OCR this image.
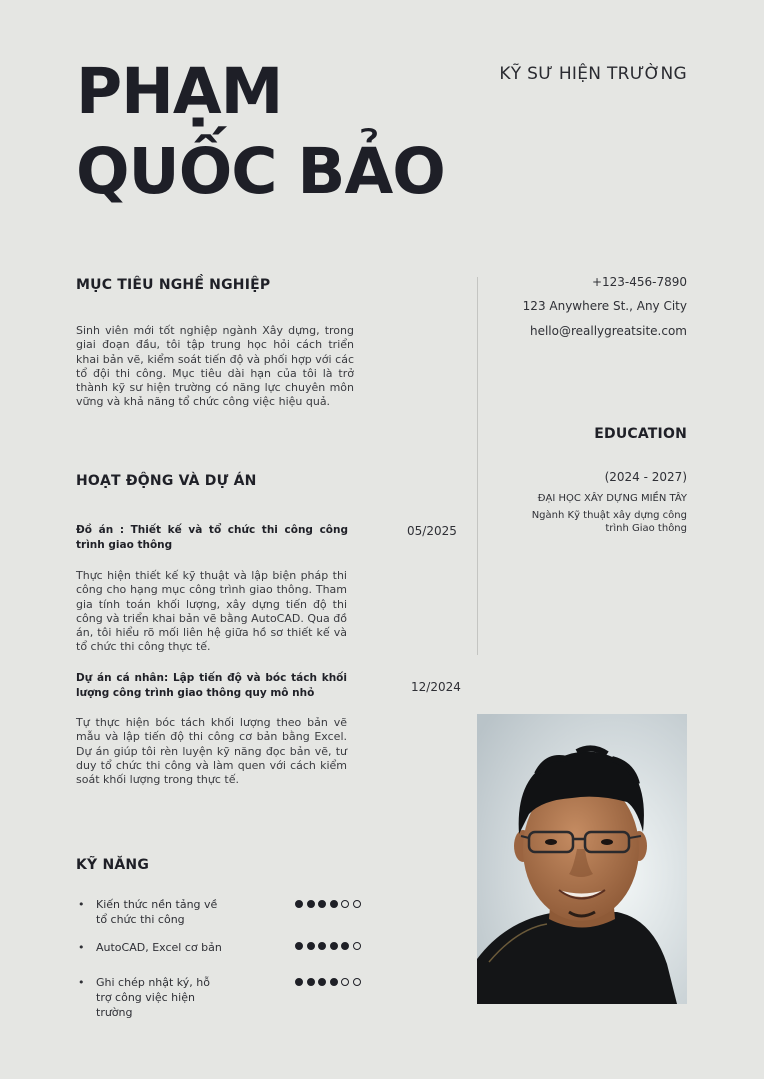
PHẠM
QUỐC BẢO
KỸ SƯ HIỆN TRƯỜNG
MỤC TIÊU NGHỀ NGHIỆP
Sinh viên mới tốt nghiệp ngành Xây dựng, trong giai đoạn đầu, tôi tập trung học hỏi cách triển khai bản vẽ, kiểm soát tiến độ và phối hợp với các tổ đội thi công. Mục tiêu dài hạn của tôi là trở thành kỹ sư hiện trường có năng lực chuyên môn vững và khả năng tổ chức công việc hiệu quả.
+123-456-7890
123 Anywhere St., Any City
hello@reallygreatsite.com
EDUCATION
(2024 - 2027)
ĐẠI HỌC XÂY DỰNG MIỀN TÂY
Ngành Kỹ thuật xây dựng công
trình Giao thông
HOẠT ĐỘNG VÀ DỰ ÁN
Đồ án : Thiết kế và tổ chức thi công công trình giao thông
05/2025
Thực hiện thiết kế kỹ thuật và lập biện pháp thi công cho hạng mục công trình giao thông. Tham gia tính toán khối lượng, xây dựng tiến độ thi công và triển khai bản vẽ bằng AutoCAD. Qua đồ án, tôi hiểu rõ mối liên hệ giữa hồ sơ thiết kế và tổ chức thi công thực tế.
Dự án cá nhân: Lập tiến độ và bóc tách khối lượng công trình giao thông quy mô nhỏ	12/2024
Tự thực hiện bóc tách khối lượng theo bản vẽ mẫu và lập tiến độ thi công cơ bản bằng Excel. Dự án giúp tôi rèn luyện kỹ năng đọc bản vẽ, tư duy tổ chức thi công và làm quen với cách kiểm soát khối lượng trong thực tế.
KỸ NĂNG
• Kiến thức nền tảng về tổ chức thi công
• AutoCAD, Excel cơ bản
• Ghi chép nhật ký, hỗ trợ công việc hiện trường
